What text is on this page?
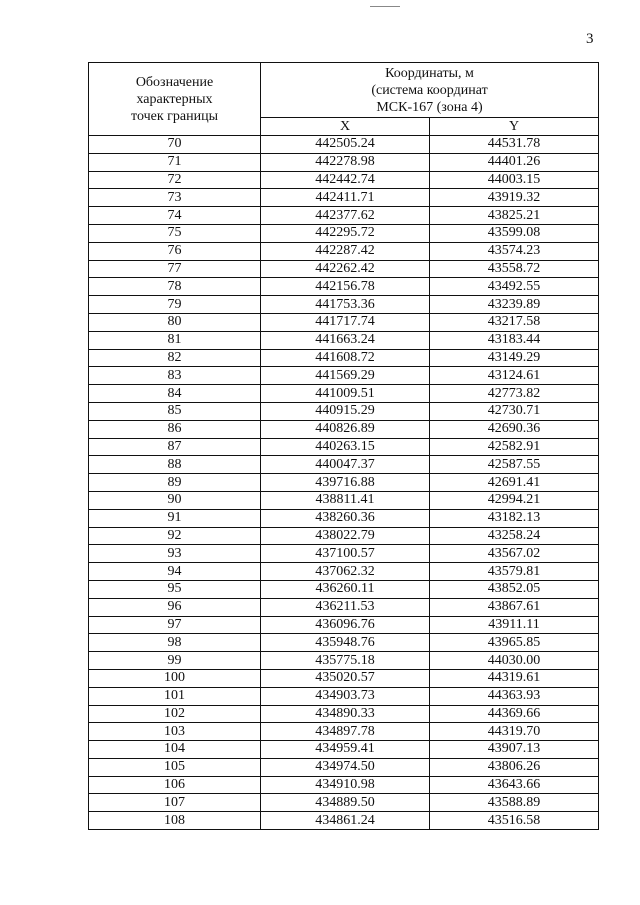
3
Обозначение
характерных
точек границы	Координаты, м
(система координат
МСК-167 (зона 4)	

	X	Y
70	442505.24	44531.78
71	442278.98	44401.26
72	442442.74	44003.15
73	442411.71	43919.32
74	442377.62	43825.21
75	442295.72	43599.08
76	442287.42	43574.23
77	442262.42	43558.72
78	442156.78	43492.55
79	441753.36	43239.89
80	441717.74	43217.58
81	441663.24	43183.44
82	441608.72	43149.29
83	441569.29	43124.61
84	441009.51	42773.82
85	440915.29	42730.71
86	440826.89	42690.36
87	440263.15	42582.91
88	440047.37	42587.55
89	439716.88	42691.41
90	438811.41	42994.21
91	438260.36	43182.13
92	438022.79	43258.24
93	437100.57	43567.02
94	437062.32	43579.81
95	436260.11	43852.05
96	436211.53	43867.61
97	436096.76	43911.11
98	435948.76	43965.85
99	435775.18	44030.00
100	435020.57	44319.61
101	434903.73	44363.93
102	434890.33	44369.66
103	434897.78	44319.70
104	434959.41	43907.13
105	434974.50	43806.26
106	434910.98	43643.66
107	434889.50	43588.89
108	434861.24	43516.58
